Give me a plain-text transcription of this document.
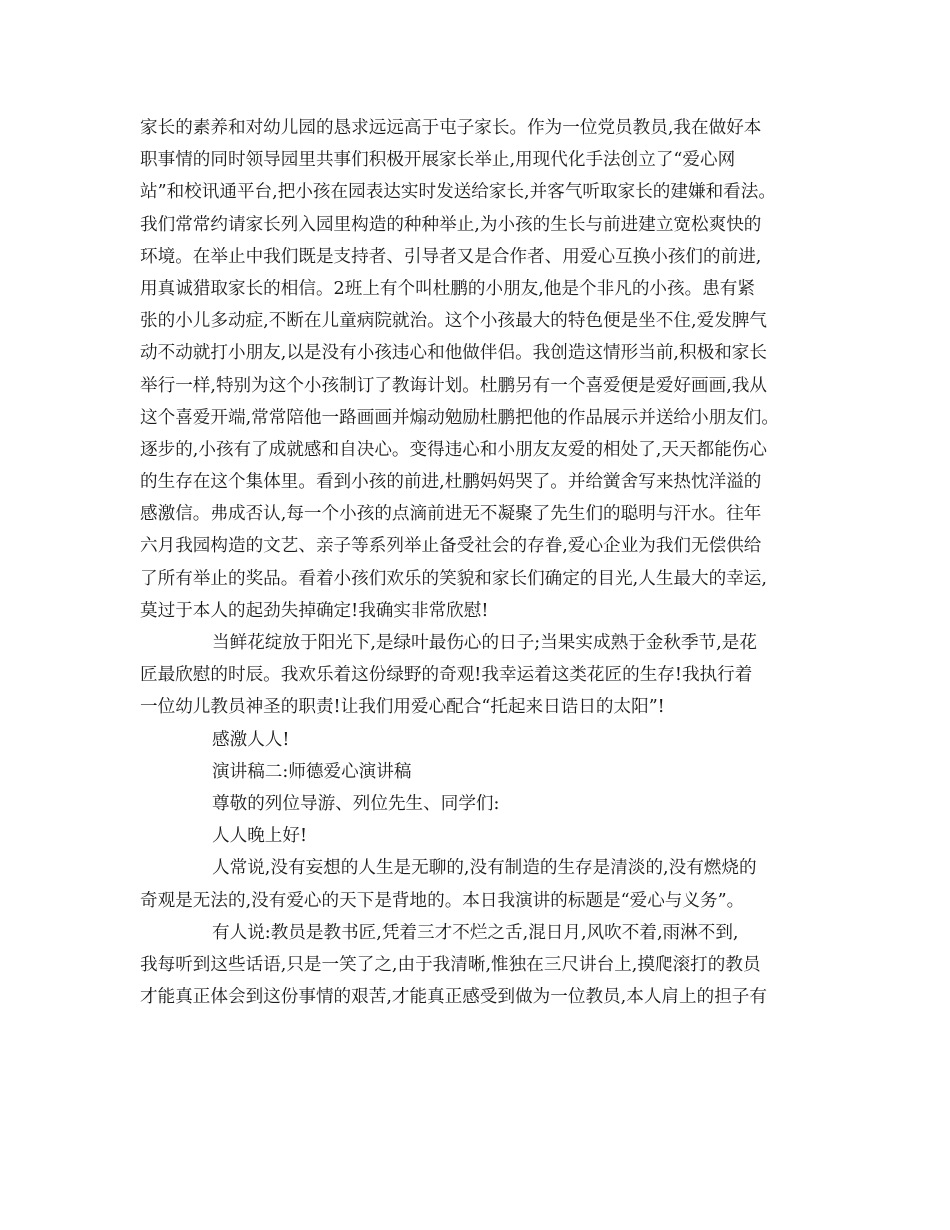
家长的素养和对幼儿园的恳求远远高于屯子家长。作为一位党员教员,我在做好本
职事情的同时领导园里共事们积极开展家长举止,用现代化手法创立了“爱心网
站”和校讯通平台,把小孩在园表达实时发送给家长,并客气听取家长的建嫌和看法。
我们常常约请家长列入园里构造的种种举止,为小孩的生长与前进建立宽松爽快的
环境。在举止中我们既是支持者、引导者又是合作者、用爱心互换小孩们的前进,
用真诚猎取家长的相信。2班上有个叫杜鹏的小朋友,他是个非凡的小孩。患有紧
张的小儿多动症,不断在儿童病院就治。这个小孩最大的特色便是坐不住,爱发脾气
动不动就打小朋友,以是没有小孩违心和他做伴侣。我创造这情形当前,积极和家长
举行一样,特别为这个小孩制订了教诲计划。杜鹏另有一个喜爱便是爱好画画,我从
这个喜爱开端,常常陪他一路画画并煽动勉励杜鹏把他的作品展示并送给小朋友们。
逐步的,小孩有了成就感和自决心。变得违心和小朋友友爱的相处了,天天都能伤心
的生存在这个集体里。看到小孩的前进,杜鹏妈妈哭了。并给黉舍写来热忱洋溢的
感激信。弗成否认,每一个小孩的点滴前进无不凝聚了先生们的聪明与汗水。往年
六月我园构造的文艺、亲子等系列举止备受社会的存眷,爱心企业为我们无偿供给
了所有举止的奖品。看着小孩们欢乐的笑貌和家长们确定的目光,人生最大的幸运,
莫过于本人的起劲失掉确定!我确实非常欣慰!
当鲜花绽放于阳光下,是绿叶最伤心的日子;当果实成熟于金秋季节,是花
匠最欣慰的时辰。我欢乐着这份绿野的奇观!我幸运着这类花匠的生存!我执行着
一位幼儿教员神圣的职责!让我们用爱心配合“托起来日诰日的太阳”!
感激人人!
演讲稿二:师德爱心演讲稿
尊敬的列位导游、列位先生、同学们:
人人晚上好!
人常说,没有妄想的人生是无聊的,没有制造的生存是清淡的,没有燃烧的
奇观是无法的,没有爱心的天下是背地的。本日我演讲的标题是“爱心与义务”。
有人说:教员是教书匠,凭着三才不烂之舌,混日月,风吹不着,雨淋不到,
我每听到这些话语,只是一笑了之,由于我清晰,惟独在三尺讲台上,摸爬滚打的教员
才能真正体会到这份事情的艰苦,才能真正感受到做为一位教员,本人肩上的担子有
